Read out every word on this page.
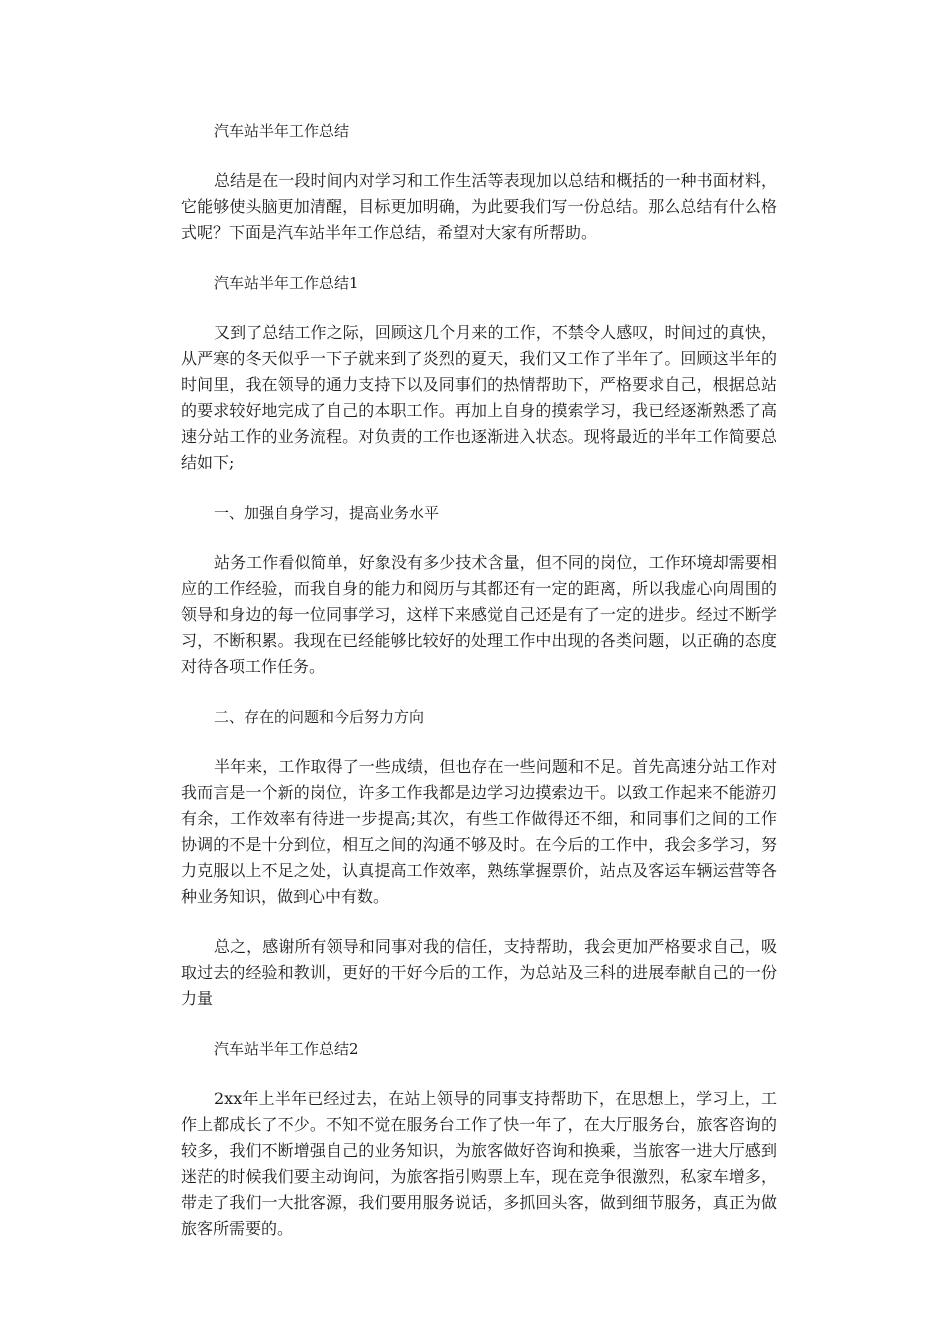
汽车站半年工作总结

总结是在一段时间内对学习和工作生活等表现加以总结和概括的一种书面材料，它能够使头脑更加清醒，目标更加明确，为此要我们写一份总结。那么总结有什么格式呢？下面是汽车站半年工作总结，希望对大家有所帮助。

汽车站半年工作总结1

又到了总结工作之际，回顾这几个月来的工作，不禁令人感叹，时间过的真快，从严寒的冬天似乎一下子就来到了炎烈的夏天，我们又工作了半年了。回顾这半年的时间里，我在领导的通力支持下以及同事们的热情帮助下，严格要求自己，根据总站的要求较好地完成了自己的本职工作。再加上自身的摸索学习，我已经逐渐熟悉了高速分站工作的业务流程。对负责的工作也逐渐进入状态。现将最近的半年工作简要总结如下;

一、加强自身学习，提高业务水平

站务工作看似简单，好象没有多少技术含量，但不同的岗位，工作环境却需要相应的工作经验，而我自身的能力和阅历与其都还有一定的距离，所以我虚心向周围的领导和身边的每一位同事学习，这样下来感觉自己还是有了一定的进步。经过不断学习，不断积累。我现在已经能够比较好的处理工作中出现的各类问题，以正确的态度对待各项工作任务。

二、存在的问题和今后努力方向

半年来，工作取得了一些成绩，但也存在一些问题和不足。首先高速分站工作对我而言是一个新的岗位，许多工作我都是边学习边摸索边干。以致工作起来不能游刃有余，工作效率有待进一步提高;其次，有些工作做得还不细，和同事们之间的工作协调的不是十分到位，相互之间的沟通不够及时。在今后的工作中，我会多学习，努力克服以上不足之处，认真提高工作效率，熟练掌握票价，站点及客运车辆运营等各种业务知识，做到心中有数。

总之，感谢所有领导和同事对我的信任，支持帮助，我会更加严格要求自己，吸取过去的经验和教训，更好的干好今后的工作，为总站及三科的进展奉献自己的一份力量

汽车站半年工作总结2

2xx年上半年已经过去，在站上领导的同事支持帮助下，在思想上，学习上，工作上都成长了不少。不知不觉在服务台工作了快一年了，在大厅服务台，旅客咨询的较多，我们不断增强自己的业务知识，为旅客做好咨询和换乘，当旅客一进大厅感到迷茫的时候我们要主动询问，为旅客指引购票上车，现在竞争很激烈，私家车增多，带走了我们一大批客源，我们要用服务说话，多抓回头客，做到细节服务，真正为做旅客所需要的。
